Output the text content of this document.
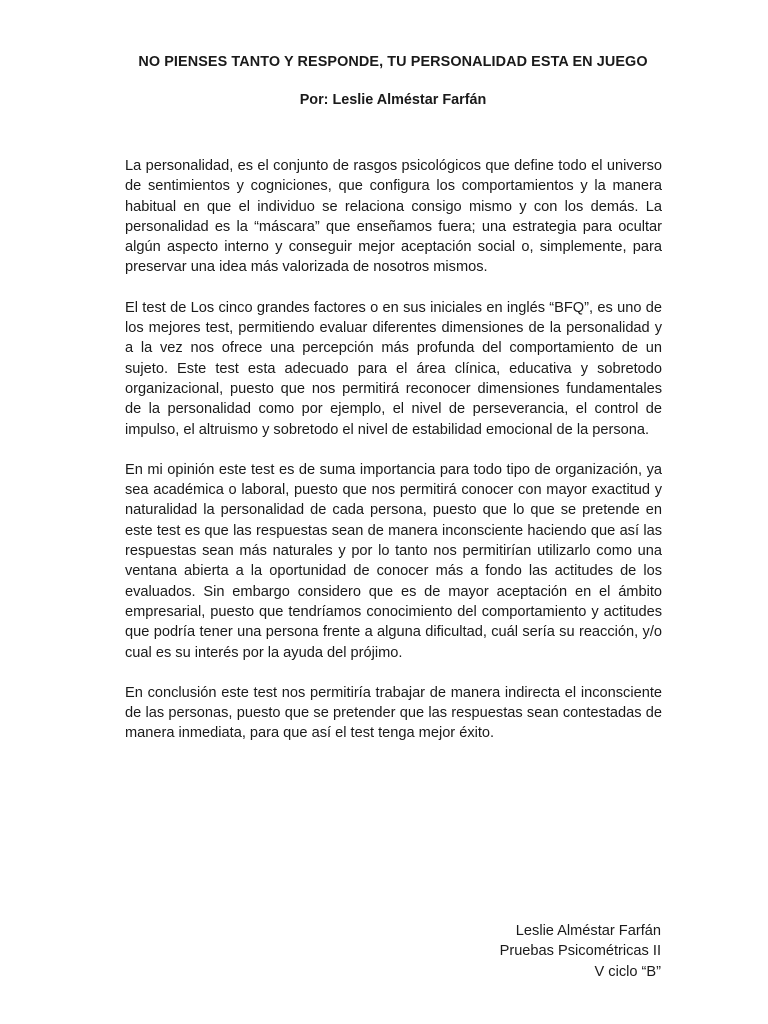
NO PIENSES TANTO Y RESPONDE, TU PERSONALIDAD ESTA EN JUEGO
Por: Leslie Alméstar Farfán

La personalidad, es el conjunto de rasgos psicológicos que define todo el universo de sentimientos y cogniciones, que configura los comportamientos y la manera habitual en que el individuo se relaciona consigo mismo y con los demás. La personalidad es la “máscara” que enseñamos fuera; una estrategia para ocultar algún aspecto interno y conseguir mejor aceptación social o, simplemente, para preservar una idea más valorizada de nosotros mismos.

El test de Los cinco grandes factores o en sus iniciales en inglés “BFQ”, es uno de los mejores test, permitiendo evaluar diferentes dimensiones de la personalidad y a la vez nos ofrece una percepción más profunda del comportamiento de un sujeto. Este test esta adecuado para el área clínica, educativa y sobretodo organizacional, puesto que nos permitirá reconocer dimensiones fundamentales de la personalidad como por ejemplo, el nivel de perseverancia, el control de impulso, el altruismo y sobretodo el nivel de estabilidad emocional de la persona.

En mi opinión este test es de suma importancia para todo tipo de organización, ya sea académica o laboral, puesto que nos permitirá conocer con mayor exactitud y naturalidad la personalidad de cada persona, puesto que lo que se pretende en este test es que las respuestas sean de manera inconsciente haciendo que así las respuestas sean más naturales y por lo tanto nos permitirían utilizarlo como una ventana abierta a la oportunidad de conocer más a fondo las actitudes de los evaluados. Sin embargo considero que es de mayor aceptación en el ámbito empresarial, puesto que tendríamos conocimiento del comportamiento y actitudes que podría tener una persona frente a alguna dificultad, cuál sería su reacción, y/o cual es su interés por la ayuda del prójimo.

En conclusión este test nos permitiría trabajar de manera indirecta el inconsciente de las personas, puesto que se pretender que las respuestas sean contestadas de manera inmediata, para que así el test tenga mejor éxito.

Leslie Alméstar Farfán
Pruebas Psicométricas II
V ciclo “B”
